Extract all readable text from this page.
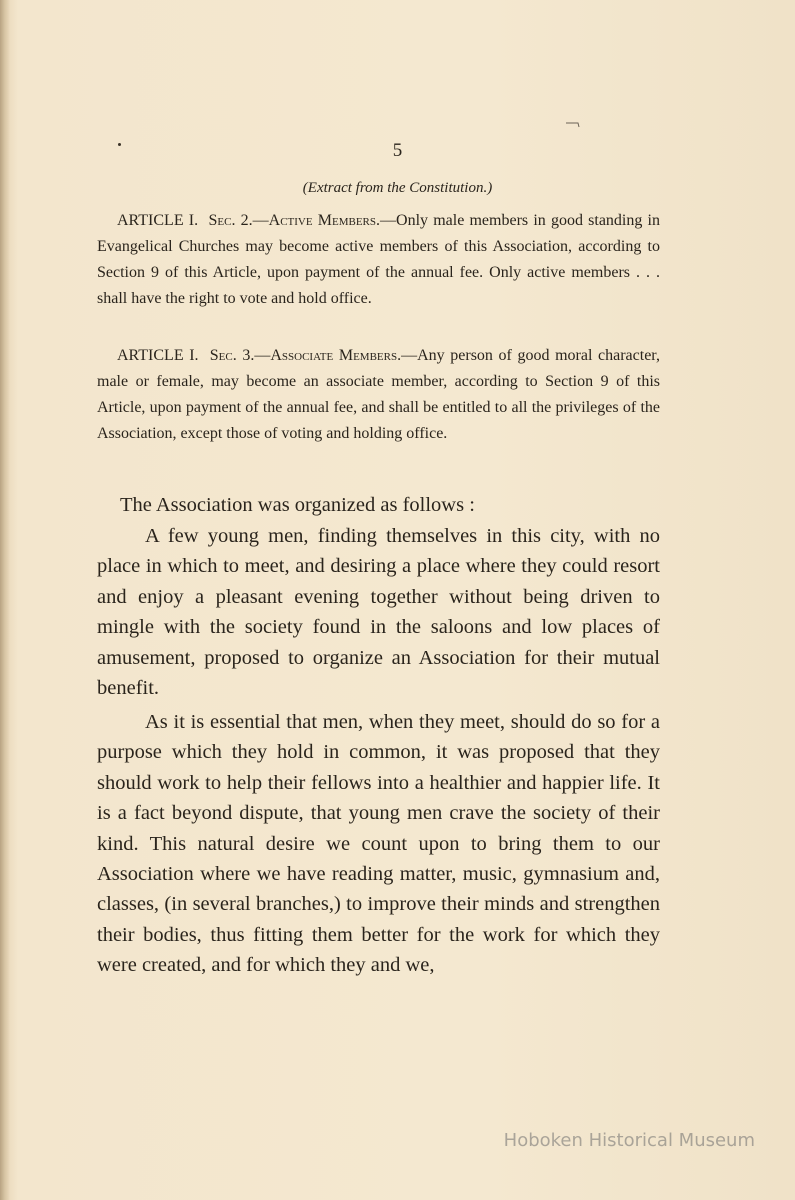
5
(Extract from the Constitution.)
ARTICLE I. Sec. 2.—Active Members.—Only male members in good standing in Evangelical Churches may become active members of this Association, according to Section 9 of this Article, upon payment of the annual fee. Only active members . . . shall have the right to vote and hold office.
ARTICLE I. Sec. 3.—Associate Members.—Any person of good moral character, male or female, may become an associate member, according to Section 9 of this Article, upon payment of the annual fee, and shall be entitled to all the privileges of the Association, except those of voting and holding office.

The Association was organized as follows :

A few young men, finding themselves in this city, with no place in which to meet, and desiring a place where they could resort and enjoy a pleasant evening together without being driven to mingle with the society found in the saloons and low places of amusement, proposed to organize an Association for their mutual benefit.

As it is essential that men, when they meet, should do so for a purpose which they hold in common, it was proposed that they should work to help their fellows into a healthier and happier life. It is a fact beyond dispute, that young men crave the society of their kind. This natural desire we count upon to bring them to our Association where we have reading matter, music, gymnasium and, classes, (in several branches,) to improve their minds and strengthen their bodies, thus fitting them better for the work for which they were created, and for which they and we,

Hoboken Historical Museum
